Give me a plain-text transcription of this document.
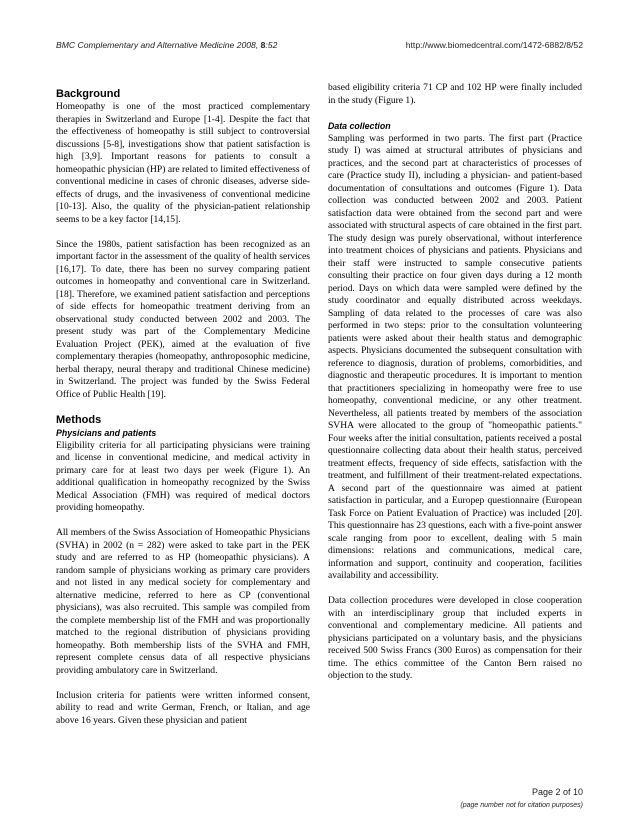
BMC Complementary and Alternative Medicine 2008, 8:52	http://www.biomedcentral.com/1472-6882/8/52
Background

Homeopathy is one of the most practiced complementary therapies in Switzerland and Europe [1-4]. Despite the fact that the effectiveness of homeopathy is still subject to controversial discussions [5-8], investigations show that patient satisfaction is high [3,9]. Important reasons for patients to consult a homeopathic physician (HP) are related to limited effectiveness of conventional medicine in cases of chronic diseases, adverse side-effects of drugs, and the invasiveness of conventional medicine [10-13]. Also, the quality of the physician-patient relationship seems to be a key factor [14,15].

Since the 1980s, patient satisfaction has been recognized as an important factor in the assessment of the quality of health services [16,17]. To date, there has been no survey comparing patient outcomes in homeopathy and conventional care in Switzerland. [18]. Therefore, we examined patient satisfaction and perceptions of side effects for homeopathic treatment deriving from an observational study conducted between 2002 and 2003. The present study was part of the Complementary Medicine Evaluation Project (PEK), aimed at the evaluation of five complementary therapies (homeopathy, anthroposophic medicine, herbal therapy, neural therapy and traditional Chinese medicine) in Switzerland. The project was funded by the Swiss Federal Office of Public Health [19].

Methods
Physicians and patients

Eligibility criteria for all participating physicians were training and license in conventional medicine, and medical activity in primary care for at least two days per week (Figure 1). An additional qualification in homeopathy recognized by the Swiss Medical Association (FMH) was required of medical doctors providing homeopathy.

All members of the Swiss Association of Homeopathic Physicians (SVHA) in 2002 (n = 282) were asked to take part in the PEK study and are referred to as HP (homeopathic physicians). A random sample of physicians working as primary care providers and not listed in any medical society for complementary and alternative medicine, referred to here as CP (conventional physicians), was also recruited. This sample was compiled from the complete membership list of the FMH and was proportionally matched to the regional distribution of physicians providing homeopathy. Both membership lists of the SVHA and FMH, represent complete census data of all respective physicians providing ambulatory care in Switzerland.

Inclusion criteria for patients were written informed consent, ability to read and write German, French, or Italian, and age above 16 years. Given these physician and patient

based eligibility criteria 71 CP and 102 HP were finally included in the study (Figure 1).

Data collection

Sampling was performed in two parts. The first part (Practice study I) was aimed at structural attributes of physicians and practices, and the second part at characteristics of processes of care (Practice study II), including a physician- and patient-based documentation of consultations and outcomes (Figure 1). Data collection was conducted between 2002 and 2003. Patient satisfaction data were obtained from the second part and were associated with structural aspects of care obtained in the first part. The study design was purely observational, without interference into treatment choices of physicians and patients. Physicians and their staff were instructed to sample consecutive patients consulting their practice on four given days during a 12 month period. Days on which data were sampled were defined by the study coordinator and equally distributed across weekdays. Sampling of data related to the processes of care was also performed in two steps: prior to the consultation volunteering patients were asked about their health status and demographic aspects. Physicians documented the subsequent consultation with reference to diagnosis, duration of problems, comorbidities, and diagnostic and therapeutic procedures. It is important to mention that practitioners specializing in homeopathy were free to use homeopathy, conventional medicine, or any other treatment. Nevertheless, all patients treated by members of the association SVHA were allocated to the group of "homeopathic patients." Four weeks after the initial consultation, patients received a postal questionnaire collecting data about their health status, perceived treatment effects, frequency of side effects, satisfaction with the treatment, and fulfillment of their treatment-related expectations. A second part of the questionnaire was aimed at patient satisfaction in particular, and a Europep questionnaire (European Task Force on Patient Evaluation of Practice) was included [20]. This questionnaire has 23 questions, each with a five-point answer scale ranging from poor to excellent, dealing with 5 main dimensions: relations and communications, medical care, information and support, continuity and cooperation, facilities availability and accessibility.

Data collection procedures were developed in close cooperation with an interdisciplinary group that included experts in conventional and complementary medicine. All patients and physicians participated on a voluntary basis, and the physicians received 500 Swiss Francs (300 Euros) as compensation for their time. The ethics committee of the Canton Bern raised no objection to the study.

Page 2 of 10
(page number not for citation purposes)
